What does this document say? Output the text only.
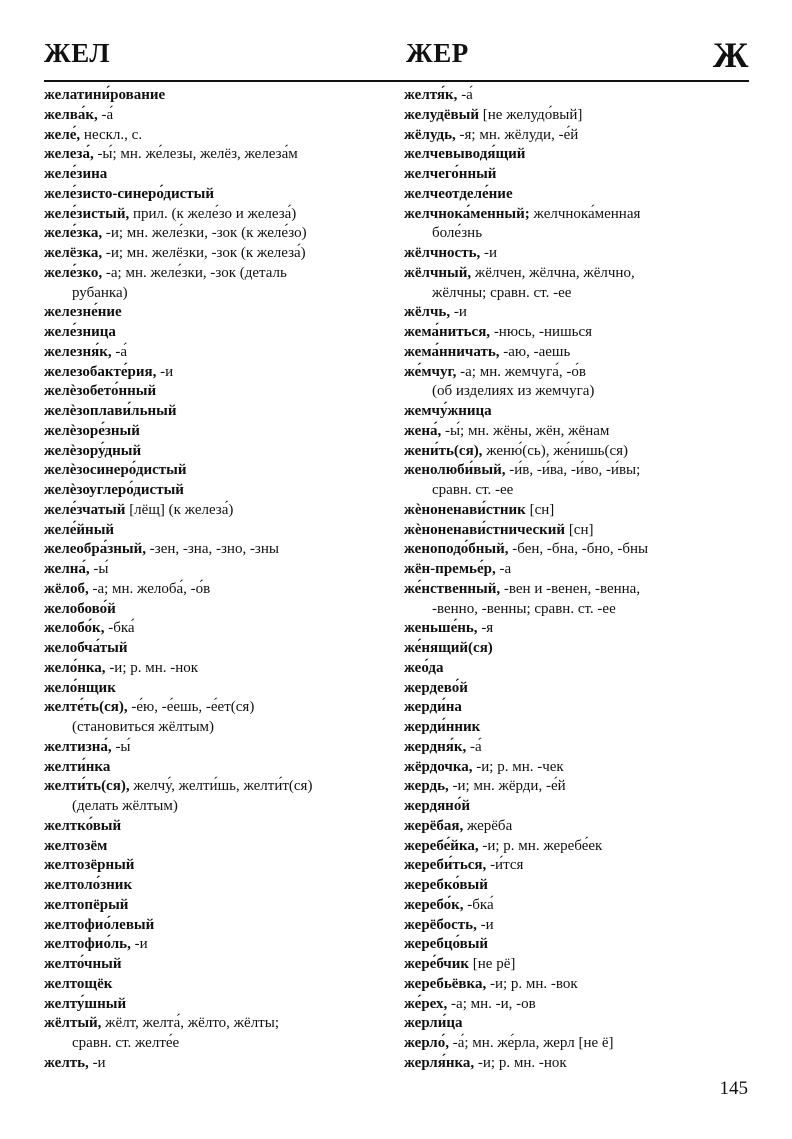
ЖЕЛ	ЖЕР	Ж
желатини́рование
желва́к, -а́
желе́, нескл., с.
железа́, -ы́; мн. же́лезы, желёз, железа́м
желе́зина
желе́зисто-синеро́дистый
желе́зистый, прил. (к желе́зо и железа́)
желе́зка, -и; мн. желе́зки, -зок (к желе́зо)
желёзка, -и; мн. желёзки, -зок (к железа́)
желе́зко, -а; мн. желе́зки, -зок (деталь
рубанка)
железне́ние
желе́зница
железня́к, -а́
железобакте́рия, -и
желѐзобето́нный
желѐзоплави́льный
желѐзоре́зный
желѐзору́дный
желѐзосинеро́дистый
желѐзоуглеро́дистый
желе́зчатый [лёщ] (к железа́)
желе́йный
желеобра́зный, -зен, -зна, -зно, -зны
желна́, -ы́
жёлоб, -а; мн. желоба́, -о́в
желобово́й
желобо́к, -бка́
желобча́тый
жело́нка, -и; р. мн. -нок
жело́нщик
желте́ть(ся), -е́ю, -е́ешь, -е́ет(ся)
(становиться жёлтым)
желтизна́, -ы́
желти́нка
желти́ть(ся), желчу́, желти́шь, желти́т(ся)
(делать жёлтым)
желтко́вый
желтозём
желтозёрный
желтоло́зник
желтопёрый
желтофио́левый
желтофио́ль, -и
желто́чный
желтощёк
желту́шный
жёлтый, жёлт, желта́, жёлто, жёлты;
сравн. ст. желте́е
желть, -и
желтя́к, -а́
желудёвый [не желудо́вый]
жёлудь, -я; мн. жёлуди, -е́й
желчевыводя́щий
желчего́нный
желчеотделе́ние
желчнока́менный; желчнока́менная
боле́знь
жёлчность, -и
жёлчный, жёлчен, жёлчна, жёлчно,
жёлчны; сравн. ст. -ее
жёлчь, -и
жема́ниться, -нюсь, -нишься
жема́нничать, -аю, -аешь
же́мчуг, -а; мн. жемчуга́, -о́в
(об изделиях из жемчуга)
жемчу́жница
жена́, -ы́; мн. жёны, жён, жёнам
жени́ть(ся), женю́(сь), же́нишь(ся)
женолюби́вый, -и́в, -и́ва, -и́во, -и́вы;
сравн. ст. -ее
жѐноненави́стник [сн]
жѐноненави́стнический [сн]
женоподо́бный, -бен, -бна, -бно, -бны
жён-премье́р, -а
же́нственный, -вен и -венен, -венна,
-венно, -венны; сравн. ст. -ее
женьше́нь, -я
же́нящий(ся)
жео́да
жердево́й
жерди́на
жерди́нник
жердня́к, -а́
жёрдочка, -и; р. мн. -чек
жердь, -и; мн. жёрди, -е́й
жердяно́й
жерёбая, жерёба
жеребе́йка, -и; р. мн. жеребе́ек
жереби́ться, -и́тся
жеребко́вый
жеребо́к, -бка́
жерёбость, -и
жеребцо́вый
жере́бчик [не рё]
жеребьёвка, -и; р. мн. -вок
же́рех, -а; мн. -и, -ов
жерли́ца
жерло́, -а́; мн. же́рла, жерл [не ё]
жерля́нка, -и; р. мн. -нок
145
